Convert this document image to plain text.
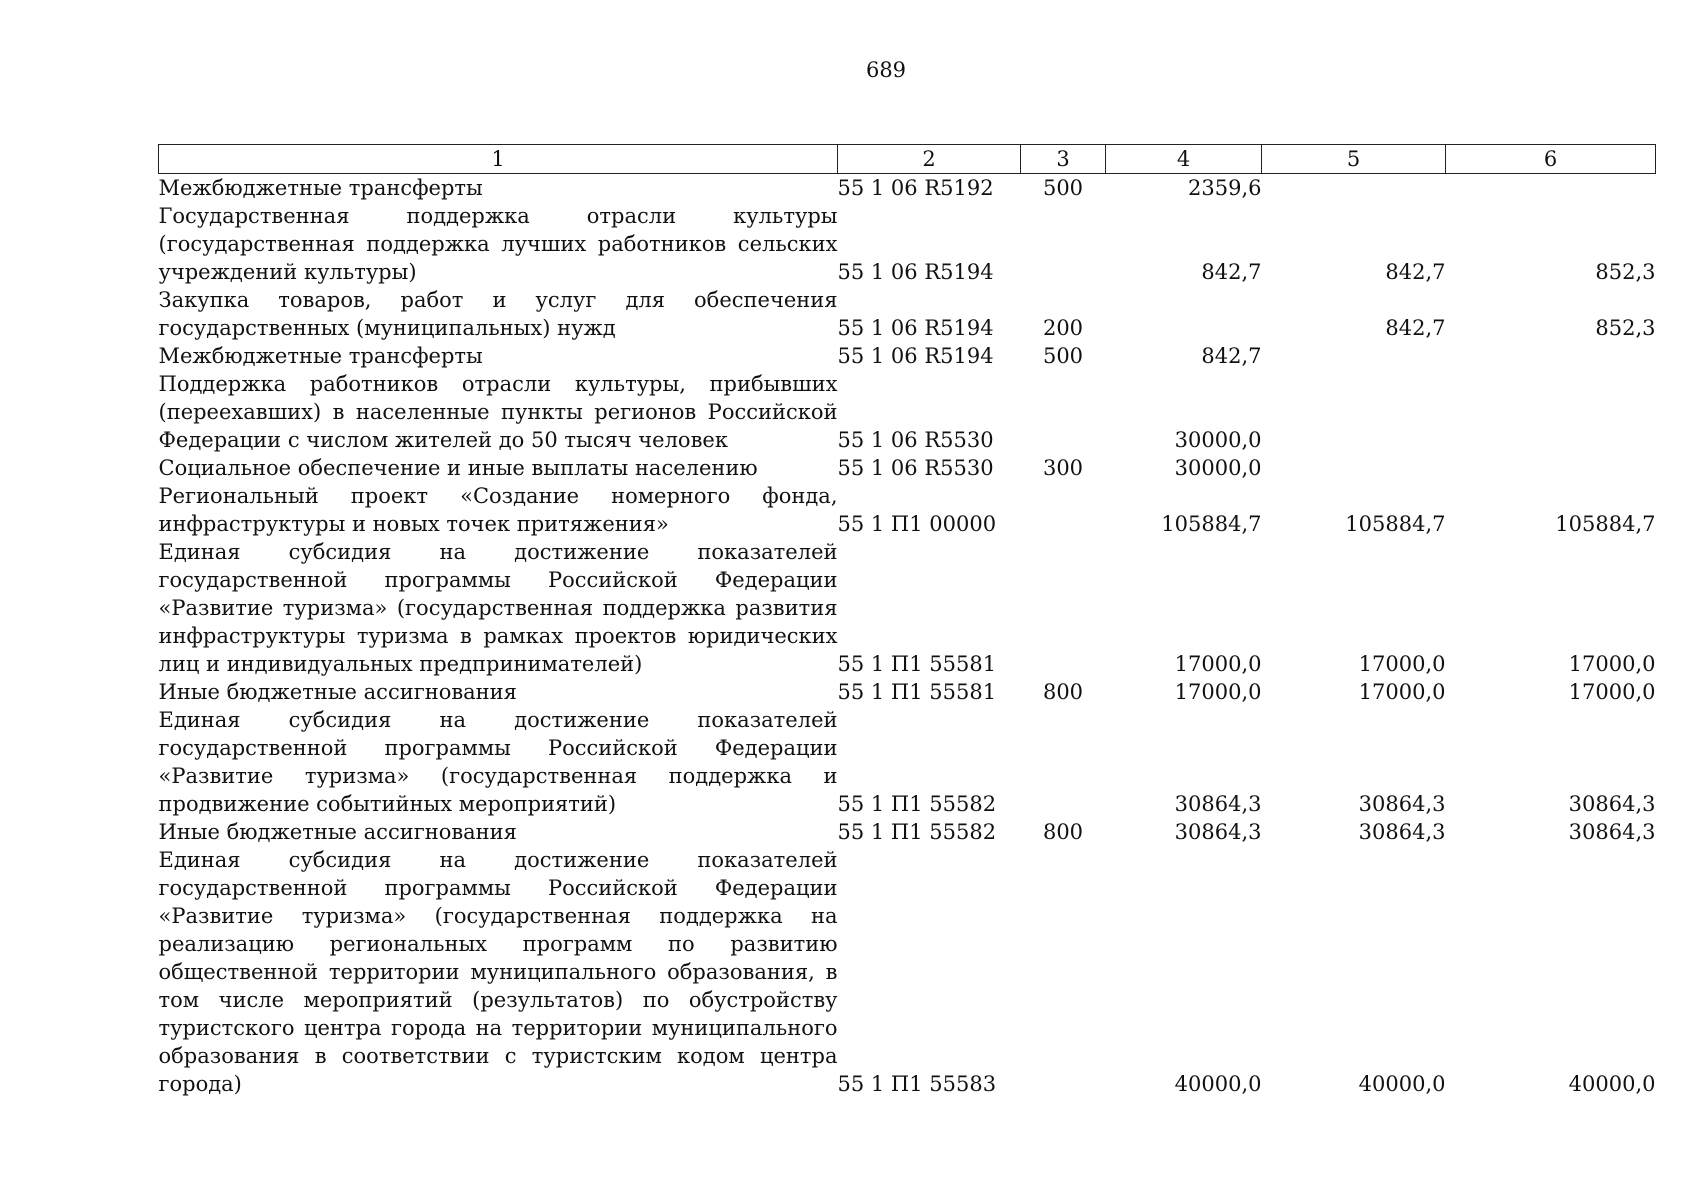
689
1	2	3	4	5	6
Межбюджетные трансферты	55 1 06 R5192	500	2359,6		
Государственная поддержка отрасли культуры (государственная поддержка лучших работников сельских учреждений культуры)	55 1 06 R5194		842,7	842,7	852,3
Закупка товаров, работ и услуг для обеспечения государственных (муниципальных) нужд	55 1 06 R5194	200		842,7	852,3
Межбюджетные трансферты	55 1 06 R5194	500	842,7		
Поддержка работников отрасли культуры, прибывших (переехавших) в населенные пункты регионов Российской Федерации с числом жителей до 50 тысяч человек	55 1 06 R5530		30000,0		
Социальное обеспечение и иные выплаты населению	55 1 06 R5530	300	30000,0		
Региональный проект «Создание номерного фонда, инфраструктуры и новых точек притяжения»	55 1 П1 00000		105884,7	105884,7	105884,7
Единая субсидия на достижение показателей государственной программы Российской Федерации «Развитие туризма» (государственная поддержка развития инфраструктуры туризма в рамках проектов юридических лиц и индивидуальных предпринимателей)	55 1 П1 55581		17000,0	17000,0	17000,0
Иные бюджетные ассигнования	55 1 П1 55581	800	17000,0	17000,0	17000,0
Единая субсидия на достижение показателей государственной программы Российской Федерации «Развитие туризма» (государственная поддержка и продвижение событийных мероприятий)	55 1 П1 55582		30864,3	30864,3	30864,3
Иные бюджетные ассигнования	55 1 П1 55582	800	30864,3	30864,3	30864,3
Единая субсидия на достижение показателей государственной программы Российской Федерации «Развитие туризма» (государственная поддержка на реализацию региональных программ по развитию общественной территории муниципального образования, в том числе мероприятий (результатов) по обустройству туристского центра города на территории муниципального образования в соответствии с туристским кодом центра города)	55 1 П1 55583		40000,0	40000,0	40000,0
